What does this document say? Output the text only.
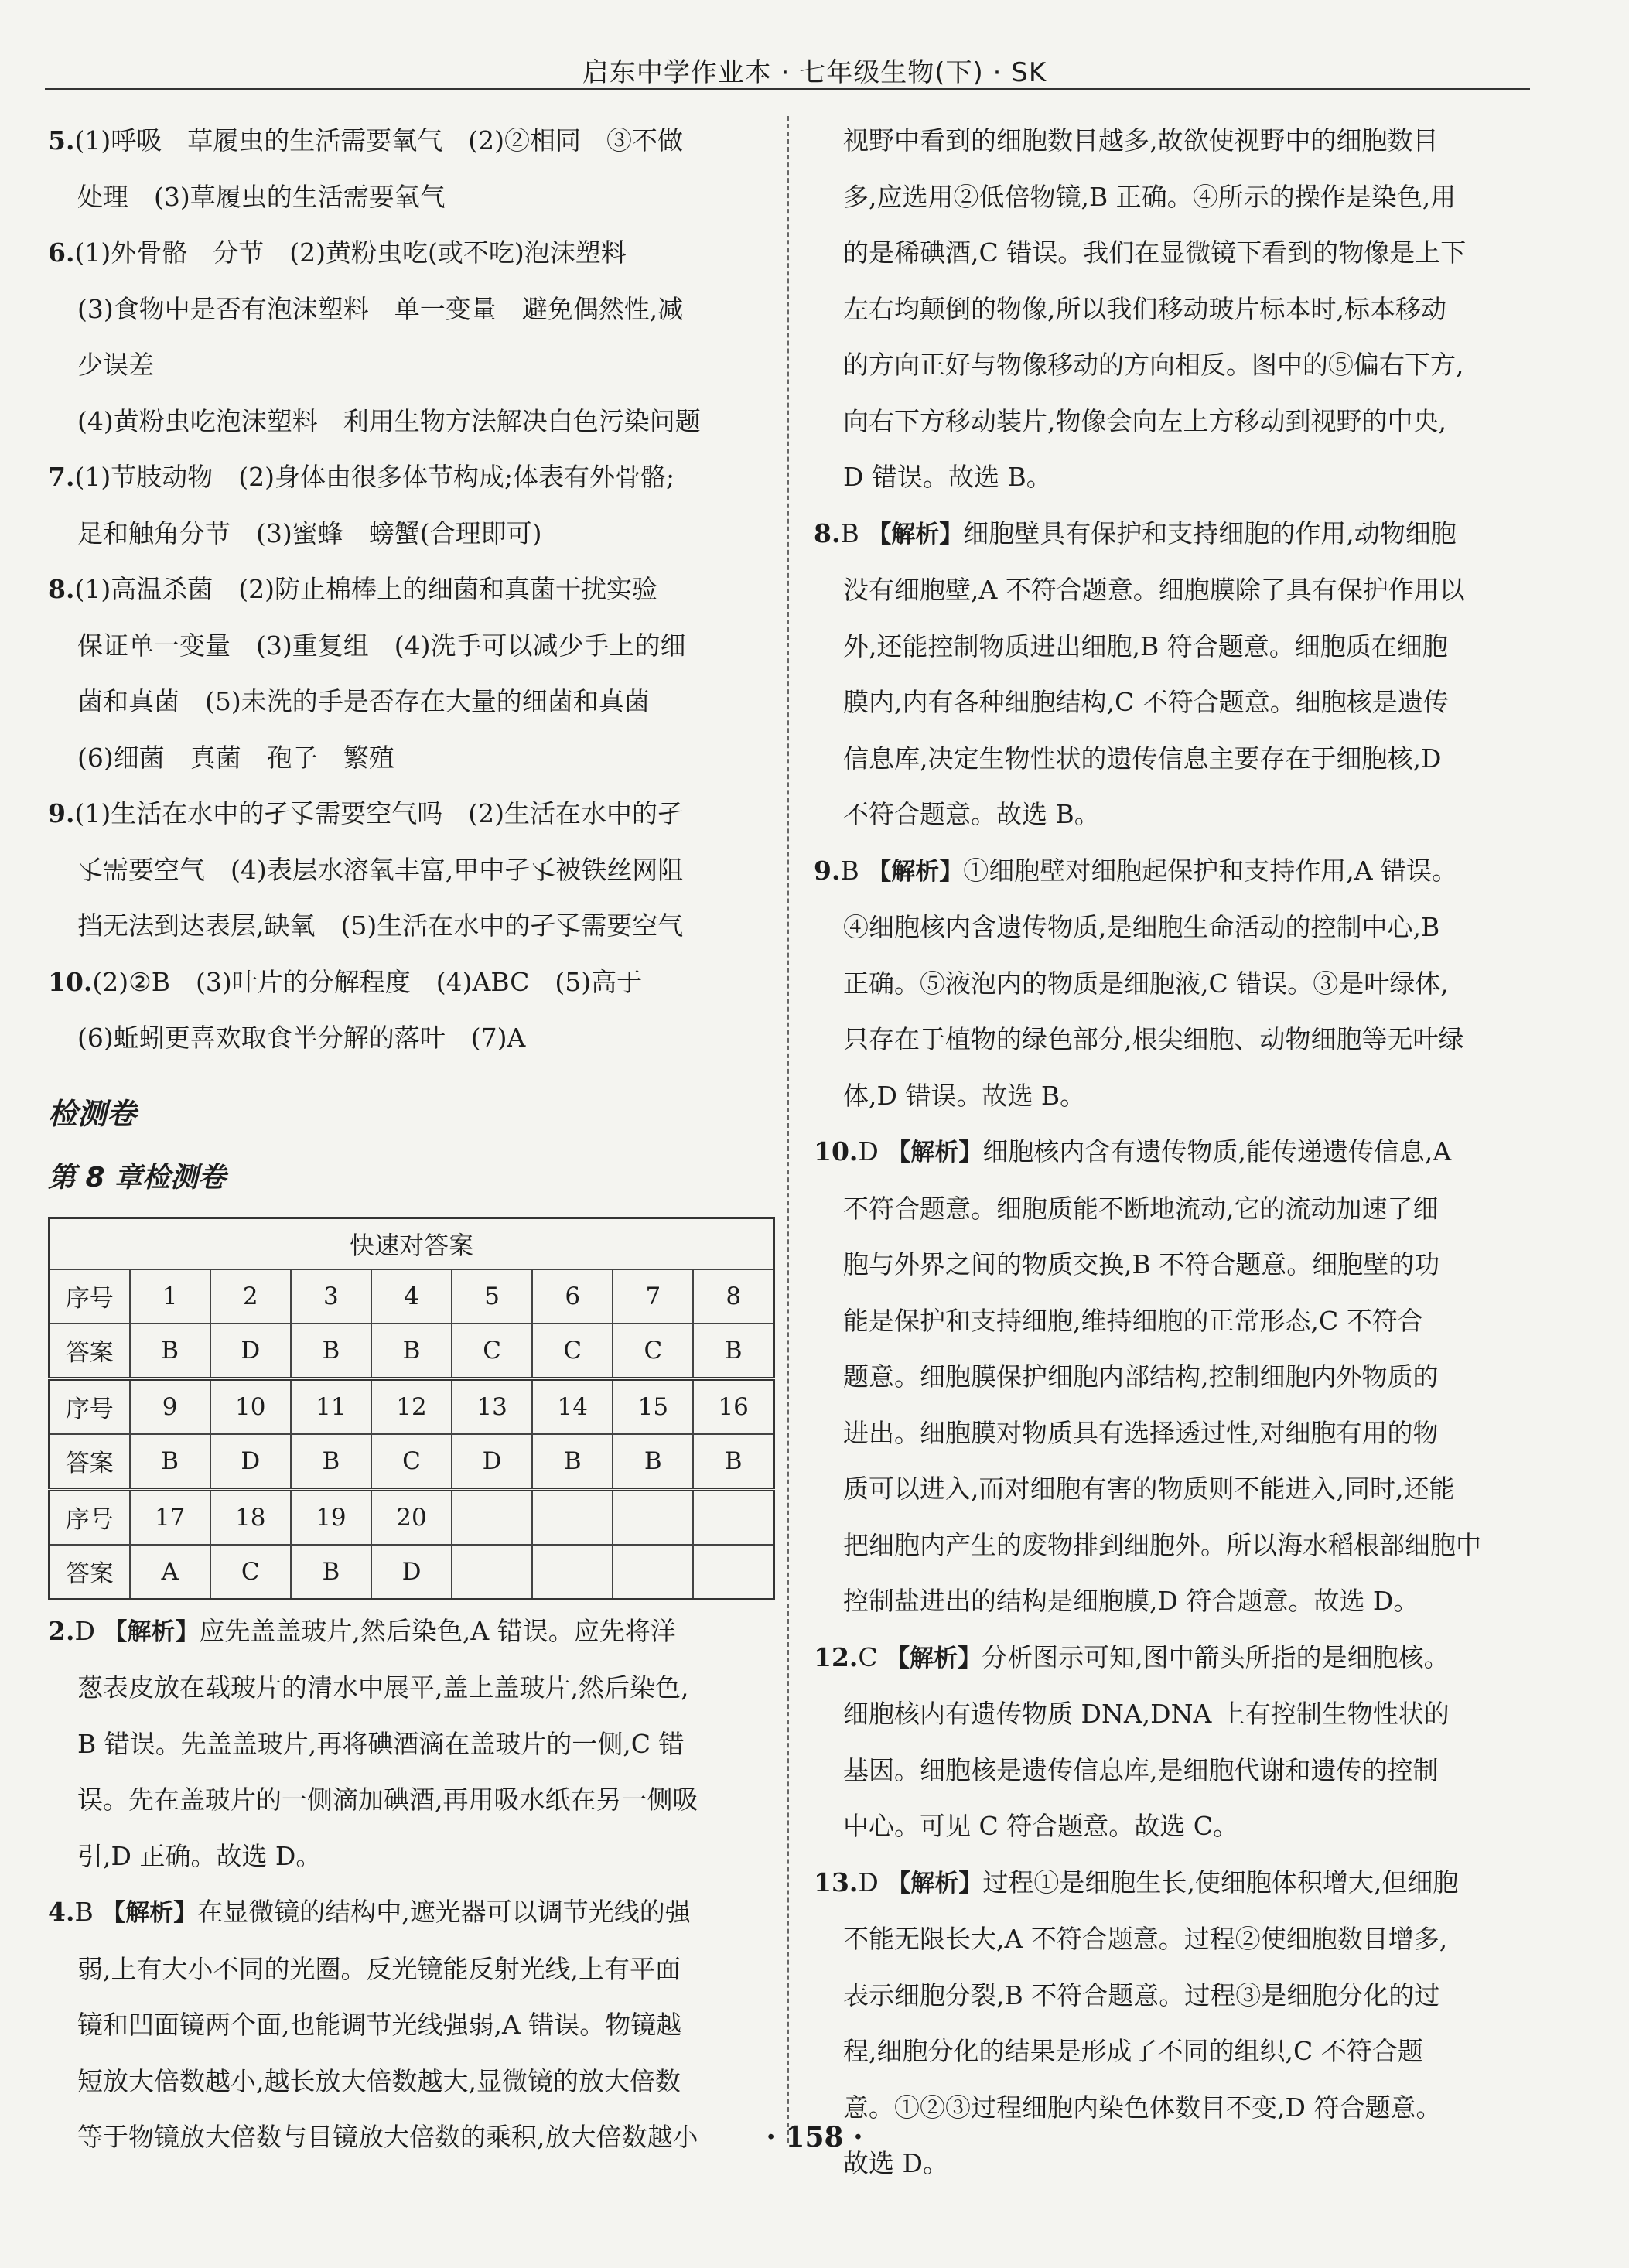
启东中学作业本 · 七年级生物(下) · SK

5.(1)呼吸　草履虫的生活需要氧气　(2)②相同　③不做

处理　(3)草履虫的生活需要氧气

6.(1)外骨骼　分节　(2)黄粉虫吃(或不吃)泡沫塑料

(3)食物中是否有泡沫塑料　单一变量　避免偶然性,减

少误差

(4)黄粉虫吃泡沫塑料　利用生物方法解决白色污染问题

7.(1)节肢动物　(2)身体由很多体节构成;体表有外骨骼;

足和触角分节　(3)蜜蜂　螃蟹(合理即可)

8.(1)高温杀菌　(2)防止棉棒上的细菌和真菌干扰实验

保证单一变量　(3)重复组　(4)洗手可以减少手上的细

菌和真菌　(5)未洗的手是否存在大量的细菌和真菌

(6)细菌　真菌　孢子　繁殖

9.(1)生活在水中的孑孓需要空气吗　(2)生活在水中的孑

孓需要空气　(4)表层水溶氧丰富,甲中孑孓被铁丝网阻

挡无法到达表层,缺氧　(5)生活在水中的孑孓需要空气

10.(2)②B　(3)叶片的分解程度　(4)ABC　(5)高于

(6)蚯蚓更喜欢取食半分解的落叶　(7)A

检测卷
第 8 章检测卷
快速对答案								
序号	1	2	3	4	5	6	7	8
答案	B	D	B	B	C	C	C	B
序号	9	10	11	12	13	14	15	16
答案	B	D	B	C	D	B	B	B
序号	17	18	19	20				
答案	A	C	B	D				

2.D 【解析】应先盖盖玻片,然后染色,A 错误。应先将洋

葱表皮放在载玻片的清水中展平,盖上盖玻片,然后染色,

B 错误。先盖盖玻片,再将碘酒滴在盖玻片的一侧,C 错

误。先在盖玻片的一侧滴加碘酒,再用吸水纸在另一侧吸

引,D 正确。故选 D。

4.B 【解析】在显微镜的结构中,遮光器可以调节光线的强

弱,上有大小不同的光圈。反光镜能反射光线,上有平面

镜和凹面镜两个面,也能调节光线强弱,A 错误。物镜越

短放大倍数越小,越长放大倍数越大,显微镜的放大倍数

等于物镜放大倍数与目镜放大倍数的乘积,放大倍数越小

视野中看到的细胞数目越多,故欲使视野中的细胞数目

多,应选用②低倍物镜,B 正确。④所示的操作是染色,用

的是稀碘酒,C 错误。我们在显微镜下看到的物像是上下

左右均颠倒的物像,所以我们移动玻片标本时,标本移动

的方向正好与物像移动的方向相反。图中的⑤偏右下方,

向右下方移动装片,物像会向左上方移动到视野的中央,

D 错误。故选 B。

8.B 【解析】细胞壁具有保护和支持细胞的作用,动物细胞

没有细胞壁,A 不符合题意。细胞膜除了具有保护作用以

外,还能控制物质进出细胞,B 符合题意。细胞质在细胞

膜内,内有各种细胞结构,C 不符合题意。细胞核是遗传

信息库,决定生物性状的遗传信息主要存在于细胞核,D

不符合题意。故选 B。

9.B 【解析】①细胞壁对细胞起保护和支持作用,A 错误。

④细胞核内含遗传物质,是细胞生命活动的控制中心,B

正确。⑤液泡内的物质是细胞液,C 错误。③是叶绿体,

只存在于植物的绿色部分,根尖细胞、动物细胞等无叶绿

体,D 错误。故选 B。

10.D 【解析】细胞核内含有遗传物质,能传递遗传信息,A

不符合题意。细胞质能不断地流动,它的流动加速了细

胞与外界之间的物质交换,B 不符合题意。细胞壁的功

能是保护和支持细胞,维持细胞的正常形态,C 不符合

题意。细胞膜保护细胞内部结构,控制细胞内外物质的

进出。细胞膜对物质具有选择透过性,对细胞有用的物

质可以进入,而对细胞有害的物质则不能进入,同时,还能

把细胞内产生的废物排到细胞外。所以海水稻根部细胞中

控制盐进出的结构是细胞膜,D 符合题意。故选 D。

12.C 【解析】分析图示可知,图中箭头所指的是细胞核。

细胞核内有遗传物质 DNA,DNA 上有控制生物性状的

基因。细胞核是遗传信息库,是细胞代谢和遗传的控制

中心。可见 C 符合题意。故选 C。

13.D 【解析】过程①是细胞生长,使细胞体积增大,但细胞

不能无限长大,A 不符合题意。过程②使细胞数目增多,

表示细胞分裂,B 不符合题意。过程③是细胞分化的过

程,细胞分化的结果是形成了不同的组织,C 不符合题

意。①②③过程细胞内染色体数目不变,D 符合题意。

故选 D。

· 158 ·
